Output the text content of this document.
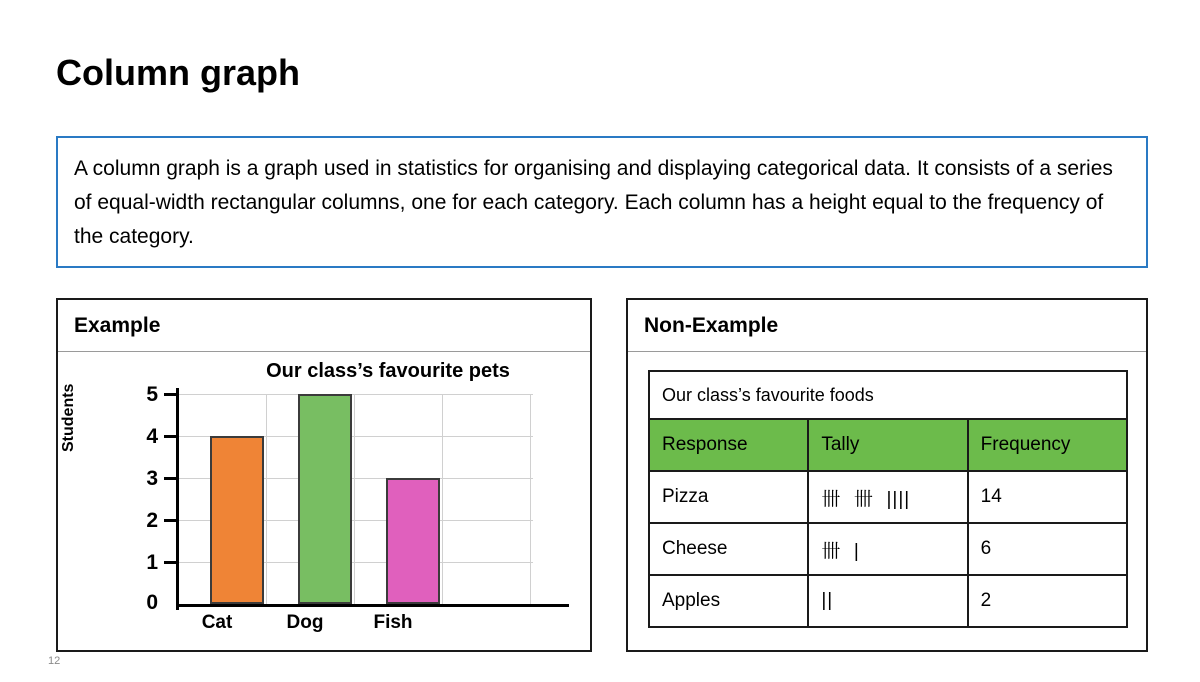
Column graph
A column graph is a graph used in statistics for organising and displaying categorical data. It consists of a series of equal-width rectangular columns, one for each category. Each column has a height equal to the frequency of the category.
Example
Our class’s favourite pets
Students	5
4
3
2
1
0
Cat	Dog	Fish
Non-Example
Our class’s favourite foods		
Response	Tally	Frequency
Pizza	卌  卌  ||||	14
Cheese	卌  |	6
Apples	||	2
12
